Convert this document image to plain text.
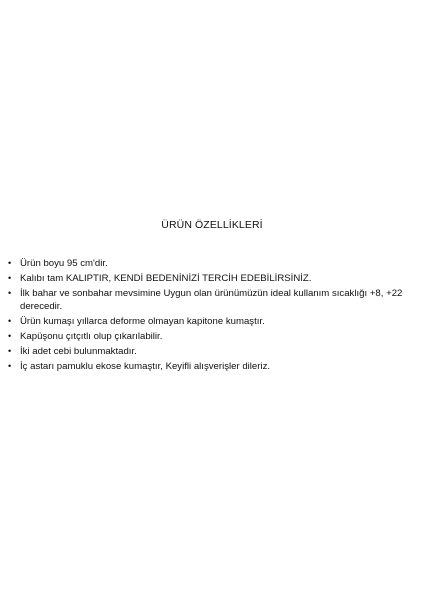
ÜRÜN ÖZELLİKLERİ
• Ürün boyu 95 cm'dir.
• Kalıbı tam KALIPTIR, KENDİ BEDENİNİZİ TERCİH EDEBİLİRSİNİZ.
• İlk bahar ve sonbahar mevsimine Uygun olan ürünümüzün ideal kullanım sıcaklığı +8, +22 derecedir.
• Ürün kumaşı yıllarca deforme olmayan kapitone kumaştır.
• Kapüşonu çıtçıtlı olup çıkarılabilir.
• İki adet cebi bulunmaktadır.
• İç astarı pamuklu ekose kumaştır, Keyifli alışverişler dileriz.
